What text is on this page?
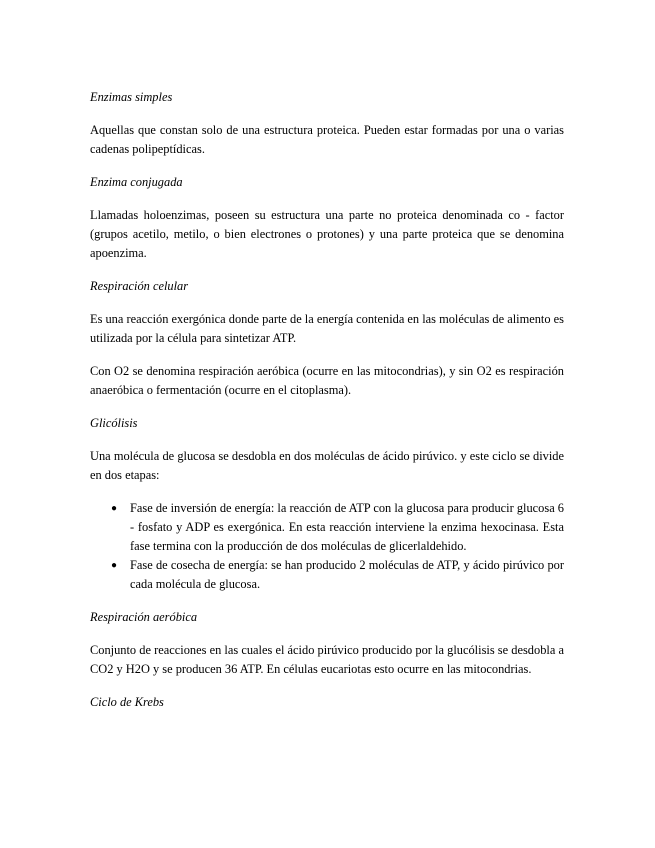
Enzimas simples
Aquellas que constan solo de una estructura proteica. Pueden estar formadas por una o varias cadenas polipeptídicas.
Enzima conjugada
Llamadas holoenzimas, poseen su estructura una parte no proteica denominada co - factor (grupos acetilo, metilo, o bien electrones o protones) y una parte proteica que se denomina apoenzima.
Respiración celular
Es una reacción exergónica donde parte de la energía contenida en las moléculas de alimento es utilizada por la célula para sintetizar ATP.
Con O2 se denomina respiración aeróbica (ocurre en las mitocondrias), y sin O2 es respiración anaeróbica o fermentación (ocurre en el citoplasma).
Glicólisis
Una molécula de glucosa se desdobla en dos moléculas de ácido pirúvico. y este ciclo se divide en dos etapas:
● Fase de inversión de energía: la reacción de ATP con la glucosa para producir glucosa 6 - fosfato y ADP es exergónica. En esta reacción interviene la enzima hexocinasa. Esta fase termina con la producción de dos moléculas de glicerlaldehido.
● Fase de cosecha de energía: se han producido 2 moléculas de ATP, y ácido pirúvico por cada molécula de glucosa.
Respiración aeróbica
Conjunto de reacciones en las cuales el ácido pirúvico producido por la glucólisis se desdobla a CO2 y H2O y se producen 36 ATP. En células eucariotas esto ocurre en las mitocondrias.
Ciclo de Krebs
